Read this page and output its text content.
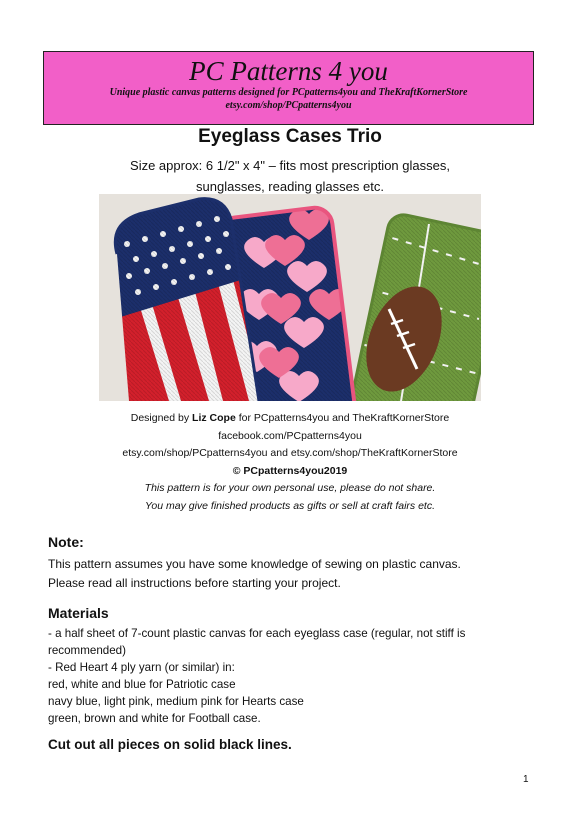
PC Patterns 4 you
Unique plastic canvas patterns designed for PCpatterns4you and TheKraftKornerStore
etsy.com/shop/PCpatterns4you
Eyeglass Cases Trio
Size approx: 6 1/2" x 4" – fits most prescription glasses,
sunglasses, reading glasses etc.
Designed by Liz Cope for PCpatterns4you and TheKraftKornerStore
facebook.com/PCpatterns4you
etsy.com/shop/PCpatterns4you and etsy.com/shop/TheKraftKornerStore
© PCpatterns4you2019
This pattern is for your own personal use, please do not share.
You may give finished products as gifts or sell at craft fairs etc.
Note:
This pattern assumes you have some knowledge of sewing on plastic canvas.
Please read all instructions before starting your project.
Materials
- a half sheet of 7-count plastic canvas for each eyeglass case (regular, not stiff is
recommended)
- Red Heart 4 ply yarn (or similar) in:
red, white and blue for Patriotic case
navy blue, light pink, medium pink for Hearts case
green, brown and white for Football case.
Cut out all pieces on solid black lines.
1
